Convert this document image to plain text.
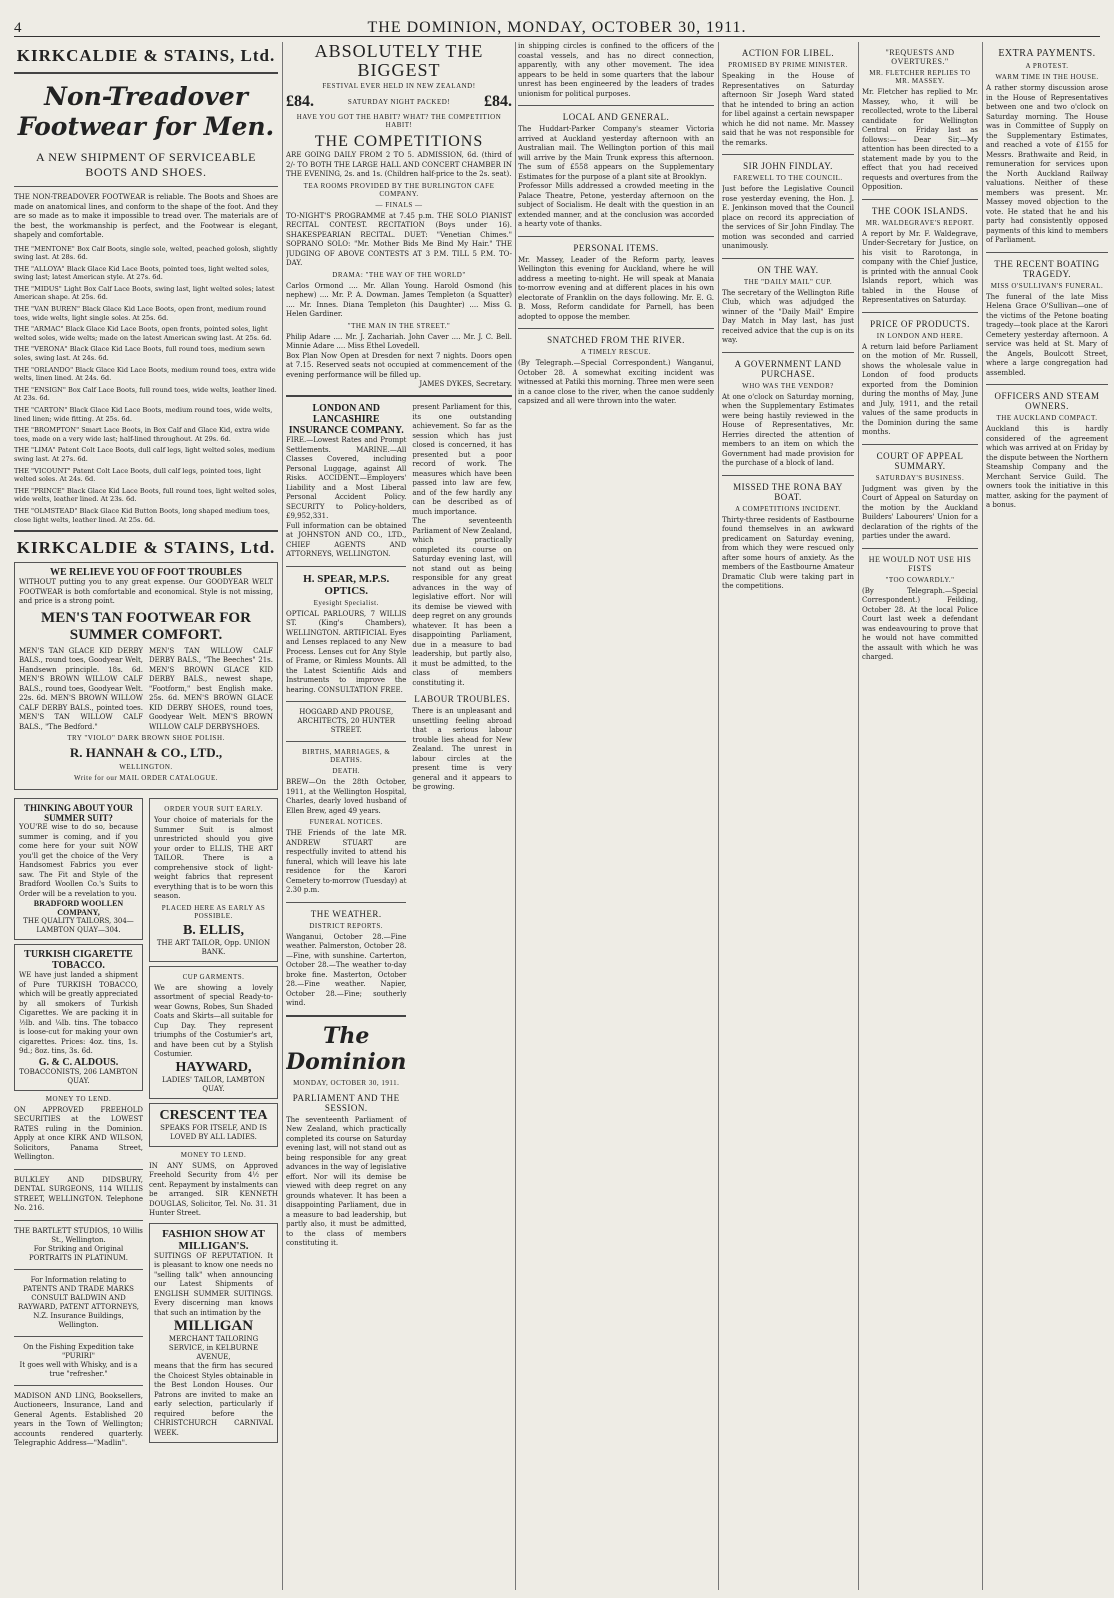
4	THE DOMINION, MONDAY, OCTOBER 30, 1911.
KIRKCALDIE & STAINS, Ltd.
Non-Treadover Footwear for Men.
A NEW SHIPMENT OF SERVICEABLE BOOTS AND SHOES.
THE NON-TREADOVER FOOTWEAR is reliable. The Boots and Shoes are made on anatomical lines, and conform to the shape of the foot. And they are so made as to make it impossible to tread over. The materials are of the best, the workmanship is perfect, and the Footwear is elegant, shapely and comfortable.
THE "MENTONE" Box Calf Boots, single sole, welted, peached golosh, slightly swing last. At 28s. 6d.
THE "ALLOYA" Black Glace Kid Lace Boots, pointed toes, light welted soles, swing last; latest American style. At 27s. 6d.
THE "MIDUS" Light Box Calf Lace Boots, swing last, light welted soles; latest American shape. At 25s. 6d.
THE "VAN BUREN" Black Glace Kid Lace Boots, open front, medium round toes, wide welts, light single soles. At 25s. 6d.
THE "ARMAC" Black Glace Kid Lace Boots, open fronts, pointed soles, light welted soles, wide welts; made on the latest American swing last. At 25s. 6d.
THE "VERONA" Black Glace Kid Lace Boots, full round toes, medium sewn soles, swing last. At 24s. 6d.
THE "ORLANDO" Black Glace Kid Lace Boots, medium round toes, extra wide welts, linen lined. At 24s. 6d.
THE "ENSIGN" Box Calf Lace Boots, full round toes, wide welts, leather lined. At 23s. 6d.
THE "CARTON" Black Glace Kid Lace Boots, medium round toes, wide welts, lined linen; wide fitting. At 25s. 6d.
THE "BROMPTON" Smart Lace Boots, in Box Calf and Glace Kid, extra wide toes, made on a very wide last; half-lined throughout. At 29s. 6d.
THE "LIMA" Patent Colt Lace Boots, dull calf legs, light welted soles, medium swing last. At 27s. 6d.
THE "VICOUNT" Patent Colt Lace Boots, dull calf legs, pointed toes, light welted soles. At 24s. 6d.
THE "PRINCE" Black Glace Kid Lace Boots, full round toes, light welted soles, wide welts, leather lined. At 23s. 6d.
THE "OLMSTEAD" Black Glace Kid Button Boots, long shaped medium toes, close light welts, leather lined. At 25s. 6d.
KIRKCALDIE & STAINS, Ltd.
WE RELIEVE YOU OF FOOT TROUBLES
WITHOUT putting you to any great expense. Our GOODYEAR WELT FOOTWEAR is both comfortable and economical. Style is not missing, and price is a strong point.
MEN'S TAN FOOTWEAR FOR SUMMER COMFORT.
MEN'S TAN GLACE KID DERBY BALS., round toes, Goodyear Welt, Handsewn principle. 18s. 6d. MEN'S BROWN WILLOW CALF BALS., round toes, Goodyear Welt. 22s. 6d. MEN'S BROWN WILLOW CALF DERBY BALS., pointed toes. MEN'S TAN WILLOW CALF BALS., "The Bedford."
MEN'S TAN WILLOW CALF DERBY BALS., "The Beeches" 21s. MEN'S BROWN GLACE KID DERBY BALS., newest shape, "Footform," best English make. 25s. 6d. MEN'S BROWN GLACE KID DERBY SHOES, round toes, Goodyear Welt. MEN'S BROWN WILLOW CALF DERBYSHOES.
TRY "VIOLO" DARK BROWN SHOE POLISH.
R. HANNAH & CO., LTD.,
WELLINGTON.
Write for our MAIL ORDER CATALOGUE.
THINKING ABOUT YOUR SUMMER SUIT?
YOU'RE wise to do so, because summer is coming, and if you come here for your suit NOW you'll get the choice of the Very Handsomest Fabrics you ever saw. The Fit and Style of the Bradford Woollen Co.'s Suits to Order will be a revelation to you.
BRADFORD WOOLLEN COMPANY,
THE QUALITY TAILORS, 304—LAMBTON QUAY—304.
TURKISH CIGARETTE TOBACCO.
WE have just landed a shipment of Pure TURKISH TOBACCO, which will be greatly appreciated by all smokers of Turkish Cigarettes. We are packing it in ½lb. and ¼lb. tins. The tobacco is loose-cut for making your own cigarettes. Prices: 4oz. tins, 1s. 9d.; 8oz. tins, 3s. 6d.
G. & C. ALDOUS.
TOBACCONISTS, 206 LAMBTON QUAY.
MONEY TO LEND.
ON APPROVED FREEHOLD SECURITIES at the LOWEST RATES ruling in the Dominion. Apply at once KIRK AND WILSON, Solicitors, Panama Street, Wellington.
BULKLEY AND DIDSBURY, DENTAL SURGEONS, 114 WILLIS STREET, WELLINGTON. Telephone No. 216.
THE BARTLETT STUDIOS, 10 Willis St., Wellington.
For Striking and Original PORTRAITS IN PLATINUM.
For Information relating to PATENTS AND TRADE MARKS CONSULT BALDWIN AND RAYWARD, PATENT ATTORNEYS, N.Z. Insurance Buildings, Wellington.
On the Fishing Expedition take "PURIRI"
It goes well with Whisky, and is a true "refresher."
MADISON AND LING, Booksellers, Auctioneers, Insurance, Land and General Agents. Established 20 years in the Town of Wellington; accounts rendered quarterly. Telegraphic Address—"Madlin".
ORDER YOUR SUIT EARLY.
Your choice of materials for the Summer Suit is almost unrestricted should you give your order to ELLIS, THE ART TAILOR. There is a comprehensive stock of light-weight fabrics that represent everything that is to be worn this season.
PLACED HERE AS EARLY AS POSSIBLE.
B. ELLIS,
THE ART TAILOR, Opp. UNION BANK.
CUP GARMENTS.
We are showing a lovely assortment of special Ready-to-wear Gowns, Robes, Sun Shaded Coats and Skirts—all suitable for Cup Day. They represent triumphs of the Costumier's art, and have been cut by a Stylish Costumier.
HAYWARD,
LADIES' TAILOR, LAMBTON QUAY.
CRESCENT TEA
SPEAKS FOR ITSELF, AND IS LOVED BY ALL LADIES.
MONEY TO LEND.
IN ANY SUMS, on Approved Freehold Security from 4½ per cent. Repayment by instalments can be arranged. SIR KENNETH DOUGLAS, Solicitor, Tel. No. 31. 31 Hunter Street.
FASHION SHOW AT MILLIGAN'S.
SUITINGS OF REPUTATION. It is pleasant to know one needs no "selling talk" when announcing our Latest Shipments of ENGLISH SUMMER SUITINGS. Every discerning man knows that such an intimation by the
MILLIGAN
MERCHANT TAILORING SERVICE, in KELBURNE AVENUE,
means that the firm has secured the Choicest Styles obtainable in the Best London Houses. Our Patrons are invited to make an early selection, particularly if required before the CHRISTCHURCH CARNIVAL WEEK.
ABSOLUTELY THE BIGGEST
FESTIVAL EVER HELD IN NEW ZEALAND!
£84.	SATURDAY NIGHT PACKED! £84.
HAVE YOU GOT THE HABIT? WHAT? THE COMPETITION HABIT!
THE COMPETITIONS
ARE GOING DAILY FROM 2 TO 5. ADMISSION, 6d. (third of 2/- TO BOTH THE LARGE HALL AND CONCERT CHAMBER IN THE EVENING, 2s. and 1s. (Children half-price to the 2s. seat).
TEA ROOMS PROVIDED BY THE BURLINGTON CAFE COMPANY.
— FINALS —
TO-NIGHT'S PROGRAMME at 7.45 p.m. THE SOLO PIANIST RECITAL CONTEST. RECITATION (Boys under 16). SHAKESPEARIAN RECITAL. DUET: "Venetian Chimes." SOPRANO SOLO: "Mr. Mother Bids Me Bind My Hair." THE JUDGING OF ABOVE CONTESTS AT 3 P.M. TILL 5 P.M. TO-DAY.
DRAMA: "THE WAY OF THE WORLD"
Carlos Ormond .... Mr. Allan Young. Harold Osmond (his nephew) .... Mr. P. A. Dowman. James Templeton (a Squatter) .... Mr. Innes. Diana Templeton (his Daughter) .... Miss G. Helen Gardiner.
"THE MAN IN THE STREET."
Philip Adare .... Mr. J. Zachariah. John Caver .... Mr. J. C. Bell. Minnie Adare .... Miss Ethel Lovedell.
Box Plan Now Open at Dresden for next 7 nights. Doors open at 7.15. Reserved seats not occupied at commencement of the evening performance will be filled up.
JAMES DYKES, Secretary.
LONDON AND LANCASHIRE INSURANCE COMPANY.
FIRE.—Lowest Rates and Prompt Settlements. MARINE.—All Classes Covered, including Personal Luggage, against All Risks. ACCIDENT.—Employers' Liability and a Most Liberal Personal Accident Policy. SECURITY to Policy-holders, £9,952,331.
Full information can be obtained at JOHNSTON AND CO., LTD., CHIEF AGENTS AND ATTORNEYS, WELLINGTON.
H. SPEAR, M.P.S. OPTICS.
Eyesight Specialist.
OPTICAL PARLOURS, 7 WILLIS ST. (King's Chambers), WELLINGTON. ARTIFICIAL Eyes and Lenses replaced to any New Process. Lenses cut for Any Style of Frame, or Rimless Mounts. All the Latest Scientific Aids and Instruments to improve the hearing. CONSULTATION FREE.
HOGGARD AND PROUSE, ARCHITECTS, 20 HUNTER STREET.
BIRTHS, MARRIAGES, & DEATHS.
DEATH.
BREW—On the 28th October, 1911, at the Wellington Hospital, Charles, dearly loved husband of Ellen Brew, aged 49 years.
FUNERAL NOTICES.
THE Friends of the late MR. ANDREW STUART are respectfully invited to attend his funeral, which will leave his late residence for the Karori Cemetery to-morrow (Tuesday) at 2.30 p.m.
THE WEATHER.
DISTRICT REPORTS.
Wanganui, October 28.—Fine weather. Palmerston, October 28.—Fine, with sunshine. Carterton, October 28.—The weather to-day broke fine. Masterton, October 28.—Fine weather. Napier, October 28.—Fine; southerly wind.
The Dominion
MONDAY, OCTOBER 30, 1911.
PARLIAMENT AND THE SESSION.
The seventeenth Parliament of New Zealand, which practically completed its course on Saturday evening last, will not stand out as being responsible for any great advances in the way of legislative effort. Nor will its demise be viewed with deep regret on any grounds whatever. It has been a disappointing Parliament, due in a measure to bad leadership, but partly also, it must be admitted, to the class of members constituting it.
present Parliament for this, its one outstanding achievement. So far as the session which has just closed is concerned, it has presented but a poor record of work. The measures which have been passed into law are few, and of the few hardly any can be described as of much importance.
The seventeenth Parliament of New Zealand, which practically completed its course on Saturday evening last, will not stand out as being responsible for any great advances in the way of legislative effort. Nor will its demise be viewed with deep regret on any grounds whatever. It has been a disappointing Parliament, due in a measure to bad leadership, but partly also, it must be admitted, to the class of members constituting it.
LABOUR TROUBLES.
There is an unpleasant and unsettling feeling abroad that a serious labour trouble lies ahead for New Zealand. The unrest in labour circles at the present time is very general and it appears to be growing.
in shipping circles is confined to the officers of the coastal vessels, and has no direct connection, apparently, with any other movement. The idea appears to be held in some quarters that the labour unrest has been engineered by the leaders of trades unionism for political purposes.
LOCAL AND GENERAL.
The Huddart-Parker Company's steamer Victoria arrived at Auckland yesterday afternoon with an Australian mail. The Wellington portion of this mail will arrive by the Main Trunk express this afternoon. The sum of £558 appears on the Supplementary Estimates for the purpose of a plant site at Brooklyn.
Professor Mills addressed a crowded meeting in the Palace Theatre, Petone, yesterday afternoon on the subject of Socialism. He dealt with the question in an extended manner, and at the conclusion was accorded a hearty vote of thanks.
PERSONAL ITEMS.
Mr. Massey, Leader of the Reform party, leaves Wellington this evening for Auckland, where he will address a meeting to-night. He will speak at Manaia to-morrow evening and at different places in his own electorate of Franklin on the days following. Mr. E. G. B. Moss, Reform candidate for Parnell, has been adopted to oppose the member.
SNATCHED FROM THE RIVER.
A TIMELY RESCUE.
(By Telegraph.—Special Correspondent.) Wanganui, October 28. A somewhat exciting incident was witnessed at Patiki this morning. Three men were seen in a canoe close to the river, when the canoe suddenly capsized and all were thrown into the water.
ACTION FOR LIBEL.
PROMISED BY PRIME MINISTER.
Speaking in the House of Representatives on Saturday afternoon Sir Joseph Ward stated that he intended to bring an action for libel against a certain newspaper which he did not name. Mr. Massey said that he was not responsible for the remarks.
SIR JOHN FINDLAY.
FAREWELL TO THE COUNCIL.
Just before the Legislative Council rose yesterday evening, the Hon. J. E. Jenkinson moved that the Council place on record its appreciation of the services of Sir John Findlay. The motion was seconded and carried unanimously.
ON THE WAY.
THE "DAILY MAIL" CUP.
The secretary of the Wellington Rifle Club, which was adjudged the winner of the "Daily Mail" Empire Day Match in May last, has just received advice that the cup is on its way.
A GOVERNMENT LAND PURCHASE.
WHO WAS THE VENDOR?
At one o'clock on Saturday morning, when the Supplementary Estimates were being hastily reviewed in the House of Representatives, Mr. Herries directed the attention of members to an item on which the Government had made provision for the purchase of a block of land.
MISSED THE RONA BAY BOAT.
A COMPETITIONS INCIDENT.
Thirty-three residents of Eastbourne found themselves in an awkward predicament on Saturday evening, from which they were rescued only after some hours of anxiety. As the members of the Eastbourne Amateur Dramatic Club were taking part in the competitions.
"REQUESTS AND OVERTURES."
MR. FLETCHER REPLIES TO MR. MASSEY.
Mr. Fletcher has replied to Mr. Massey, who, it will be recollected, wrote to the Liberal candidate for Wellington Central on Friday last as follows:— Dear Sir,—My attention has been directed to a statement made by you to the effect that you had received requests and overtures from the Opposition.
THE COOK ISLANDS.
MR. WALDEGRAVE'S REPORT.
A report by Mr. F. Waldegrave, Under-Secretary for Justice, on his visit to Rarotonga, in company with the Chief Justice, is printed with the annual Cook Islands report, which was tabled in the House of Representatives on Saturday.
PRICE OF PRODUCTS.
IN LONDON AND HERE.
A return laid before Parliament on the motion of Mr. Russell, shows the wholesale value in London of food products exported from the Dominion during the months of May, June and July, 1911, and the retail values of the same products in the Dominion during the same months.
COURT OF APPEAL SUMMARY.
SATURDAY'S BUSINESS.
Judgment was given by the Court of Appeal on Saturday on the motion by the Auckland Builders' Labourers' Union for a declaration of the rights of the parties under the award.
HE WOULD NOT USE HIS FISTS
"TOO COWARDLY."
(By Telegraph.—Special Correspondent.) Feilding, October 28. At the local Police Court last week a defendant was endeavouring to prove that he would not have committed the assault with which he was charged.
EXTRA PAYMENTS.
A PROTEST.
WARM TIME IN THE HOUSE.
A rather stormy discussion arose in the House of Representatives between one and two o'clock on Saturday morning. The House was in Committee of Supply on the Supplementary Estimates, and reached a vote of £155 for Messrs. Brathwaite and Reid, in remuneration for services upon the North Auckland Railway valuations. Neither of these members was present. Mr. Massey moved objection to the vote. He stated that he and his party had consistently opposed payments of this kind to members of Parliament.
THE RECENT BOATING TRAGEDY.
MISS O'SULLIVAN'S FUNERAL.
The funeral of the late Miss Helena Grace O'Sullivan—one of the victims of the Petone boating tragedy—took place at the Karori Cemetery yesterday afternoon. A service was held at St. Mary of the Angels, Boulcott Street, where a large congregation had assembled.
OFFICERS AND STEAM OWNERS.
THE AUCKLAND COMPACT.
Auckland this is hardly considered of the agreement which was arrived at on Friday by the dispute between the Northern Steamship Company and the Merchant Service Guild. The owners took the initiative in this matter, asking for the payment of a bonus.
